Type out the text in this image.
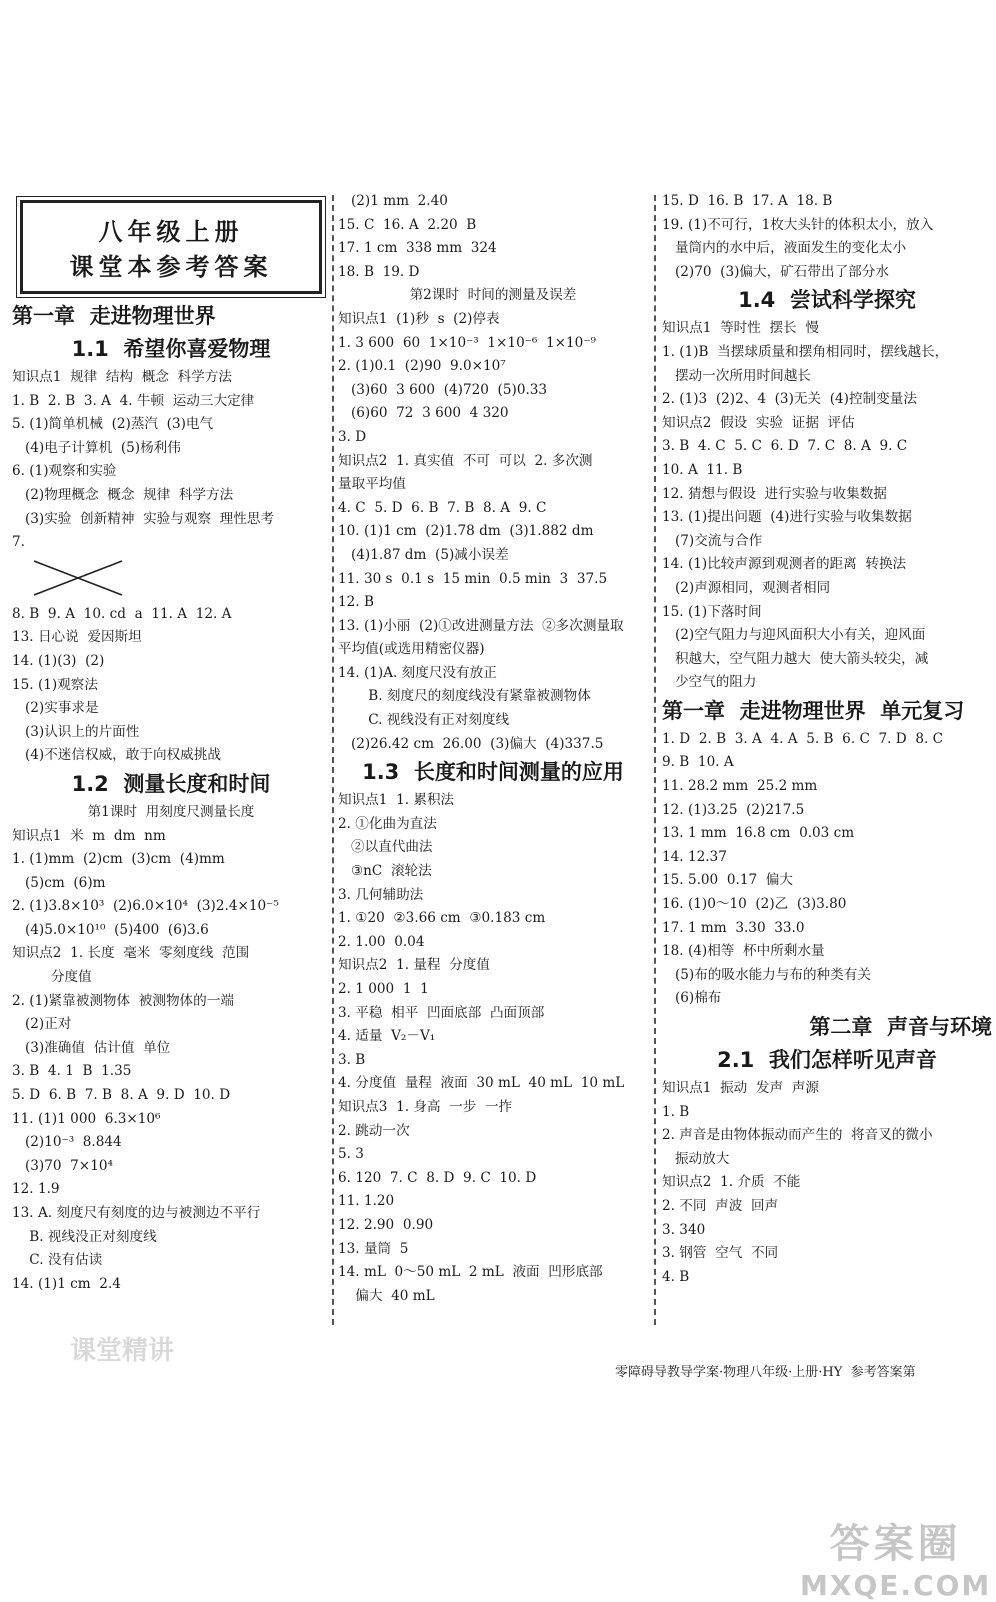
八年级上册
课堂本参考答案
第一章  走进物理世界
1.1  希望你喜爱物理
知识点1  规律  结构  概念  科学方法
1. B  2. B  3. A  4. 牛顿  运动三大定律
5. (1)简单机械  (2)蒸汽  (3)电气
(4)电子计算机  (5)杨利伟
6. (1)观察和实验
(2)物理概念  概念  规律  科学方法
(3)实验  创新精神  实验与观察  理性思考
7.
8. B  9. A  10. cd  a  11. A  12. A
13. 日心说  爱因斯坦
14. (1)(3)  (2)
15. (1)观察法
(2)实事求是
(3)认识上的片面性
(4)不迷信权威，敢于向权威挑战
1.2  测量长度和时间
第1课时  用刻度尺测量长度
知识点1  米  m  dm  nm
1. (1)mm  (2)cm  (3)cm  (4)mm
(5)cm  (6)m
2. (1)3.8×10³  (2)6.0×10⁴  (3)2.4×10⁻⁵
(4)5.0×10¹⁰  (5)400  (6)3.6
知识点2  1. 长度  毫米  零刻度线  范围
分度值
2. (1)紧靠被测物体  被测物体的一端
(2)正对
(3)准确值  估计值  单位
3. B  4. 1  B  1.35
5. D  6. B  7. B  8. A  9. D  10. D
11. (1)1 000  6.3×10⁶
(2)10⁻³  8.844
(3)70  7×10⁴
12. 1.9
13. A. 刻度尺有刻度的边与被测边不平行
B. 视线没正对刻度线
C. 没有估读
14. (1)1 cm  2.4
(2)1 mm  2.40
15. C  16. A  2.20  B
17. 1 cm  338 mm  324
18. B  19. D
第2课时  时间的测量及误差
知识点1  (1)秒  s  (2)停表
1. 3 600  60  1×10⁻³  1×10⁻⁶  1×10⁻⁹
2. (1)0.1  (2)90  9.0×10⁷
(3)60  3 600  (4)720  (5)0.33
(6)60  72  3 600  4 320
3. D
知识点2  1. 真实值  不可  可以  2. 多次测
量取平均值
4. C  5. D  6. B  7. B  8. A  9. C
10. (1)1 cm  (2)1.78 dm  (3)1.882 dm
(4)1.87 dm  (5)减小误差
11. 30 s  0.1 s  15 min  0.5 min  3  37.5
12. B
13. (1)小丽  (2)①改进测量方法  ②多次测量取
平均值(或选用精密仪器)
14. (1)A. 刻度尺没有放正
B. 刻度尺的刻度线没有紧靠被测物体
C. 视线没有正对刻度线
(2)26.42 cm  26.00  (3)偏大  (4)337.5
1.3  长度和时间测量的应用
知识点1  1. 累积法
2. ①化曲为直法
②以直代曲法
③nC  滚轮法
3. 几何辅助法
1. ①20  ②3.66 cm  ③0.183 cm
2. 1.00  0.04
知识点2  1. 量程  分度值
2. 1 000  1  1
3. 平稳  相平  凹面底部  凸面顶部
4. 适量  V₂－V₁
3. B
4. 分度值  量程  液面  30 mL  40 mL  10 mL
知识点3  1. 身高  一步  一拃
2. 跳动一次
5. 3
6. 120  7. C  8. D  9. C  10. D
11. 1.20
12. 2.90  0.90
13. 量筒  5
14. mL  0～50 mL  2 mL  液面  凹形底部
偏大  40 mL
15. D  16. B  17. A  18. B
19. (1)不可行，1枚大头针的体积太小，放入
量筒内的水中后，液面发生的变化太小
(2)70  (3)偏大，矿石带出了部分水
1.4  尝试科学探究
知识点1  等时性  摆长  慢
1. (1)B  当摆球质量和摆角相同时，摆线越长，
摆动一次所用时间越长
2. (1)3  (2)2、4  (3)无关  (4)控制变量法
知识点2  假设  实验  证据  评估
3. B  4. C  5. C  6. D  7. C  8. A  9. C
10. A  11. B
12. 猜想与假设  进行实验与收集数据
13. (1)提出问题  (4)进行实验与收集数据
(7)交流与合作
14. (1)比较声源到观测者的距离  转换法
(2)声源相同，观测者相同
15. (1)下落时间
(2)空气阻力与迎风面积大小有关，迎风面
积越大，空气阻力越大  使大箭头较尖，减
少空气的阻力
第一章  走进物理世界  单元复习
1. D  2. B  3. A  4. A  5. B  6. C  7. D  8. C
9. B  10. A
11. 28.2 mm  25.2 mm
12. (1)3.25  (2)217.5
13. 1 mm  16.8 cm  0.03 cm
14. 12.37
15. 5.00  0.17  偏大
16. (1)0～10  (2)乙  (3)3.80
17. 1 mm  3.30  33.0
18. (4)相等  杯中所剩水量
(5)布的吸水能力与布的种类有关
(6)棉布
第二章  声音与环境
2.1  我们怎样听见声音
知识点1  振动  发声  声源
1. B
2. 声音是由物体振动而产生的  将音叉的微小
振动放大
知识点2  1. 介质  不能
2. 不同  声波  回声
3. 340
3. 钢管  空气  不同
4. B
零障碍导教导学案·物理八年级·上册·HY  参考答案第
课堂精讲
答案圈
MXQE.COM
